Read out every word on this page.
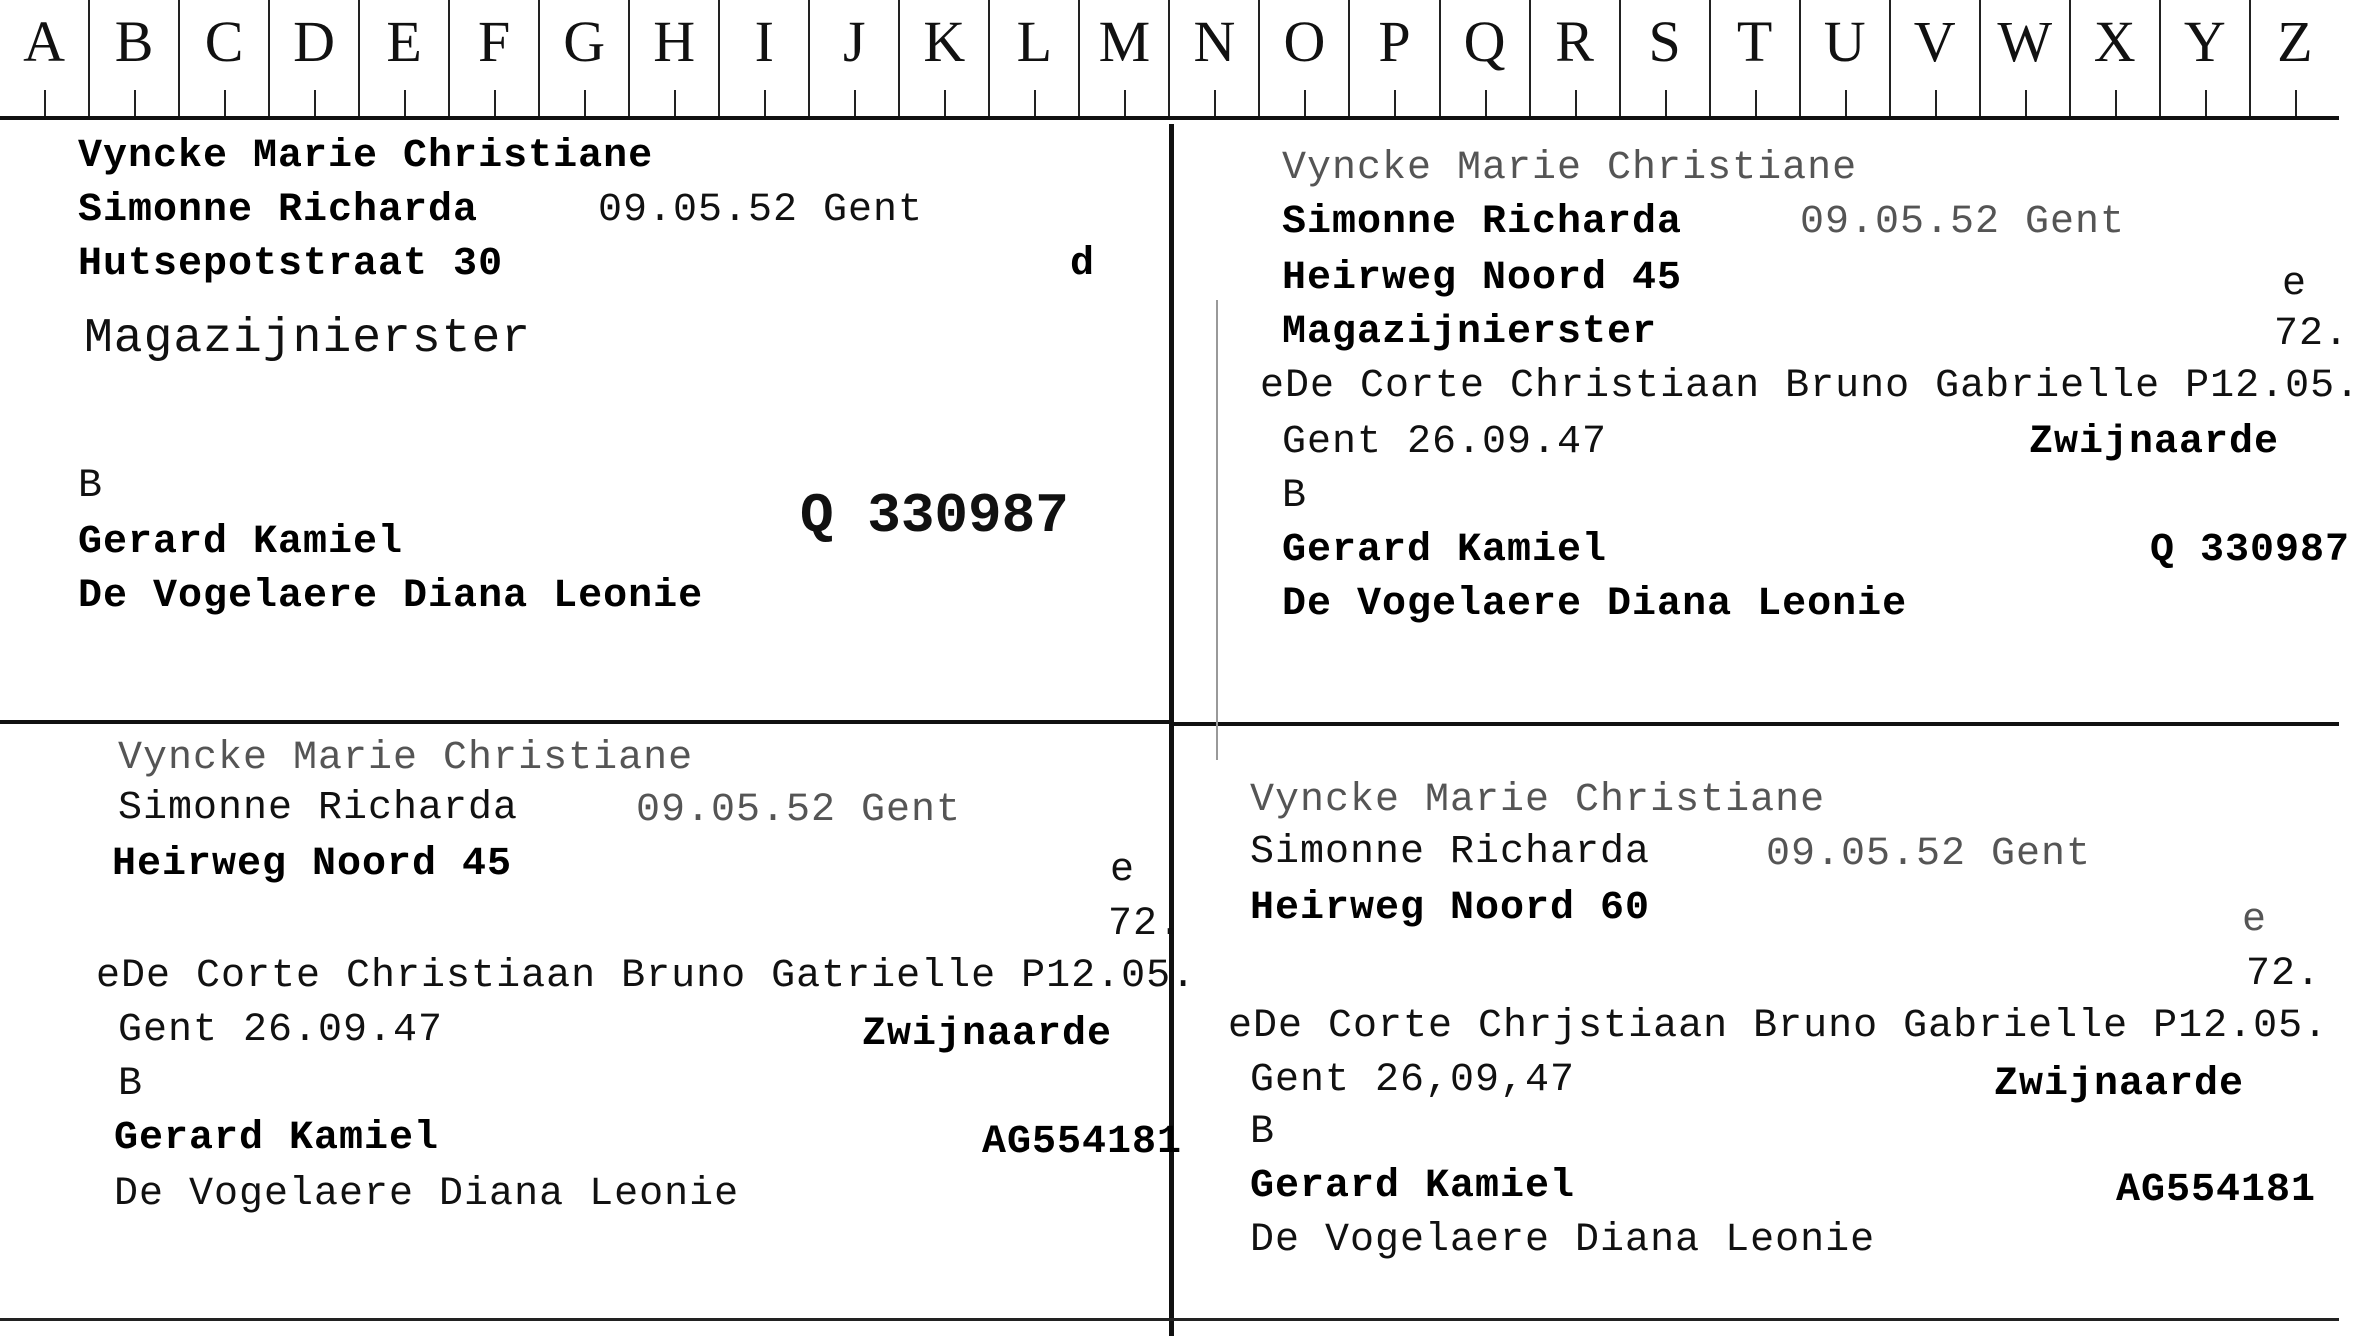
A B C D E F G H	I	J K L M N O P Q R S T U V W X Y Z
Vyncke Marie Christiane
Simonne Richarda	09.05.52 Gent
Hutsepotstraat 30	d
Magazijnierster
B	Q 330987
Gerard Kamiel
De Vogelaere Diana Leonie
Vyncke Marie Christiane
Simonne Richarda	09.05.52 Gent
Heirweg Noord 45	e
Magazijnierster	72.
eDe Corte Christiaan Bruno Gabrielle P12.05.
Gent 26.09.47	Zwijnaarde
B
Gerard Kamiel	Q 330987
De Vogelaere Diana Leonie
Vyncke Marie Christiane
Simonne Richarda	09.05.52 Gent
Heirweg Noord 45	e
72.
eDe Corte Christiaan Bruno Gatrielle P12.05.
Gent 26.09.47	Zwijnaarde
B
Gerard Kamiel	AG554181
De Vogelaere Diana Leonie
Vyncke Marie Christiane
Simonne Richarda	09.05.52 Gent
Heirweg Noord 60	e
72.
eDe Corte Chrjstiaan Bruno Gabrielle P12.05.
Gent 26,09,47	Zwijnaarde
B
Gerard Kamiel	AG554181
De Vogelaere Diana Leonie
